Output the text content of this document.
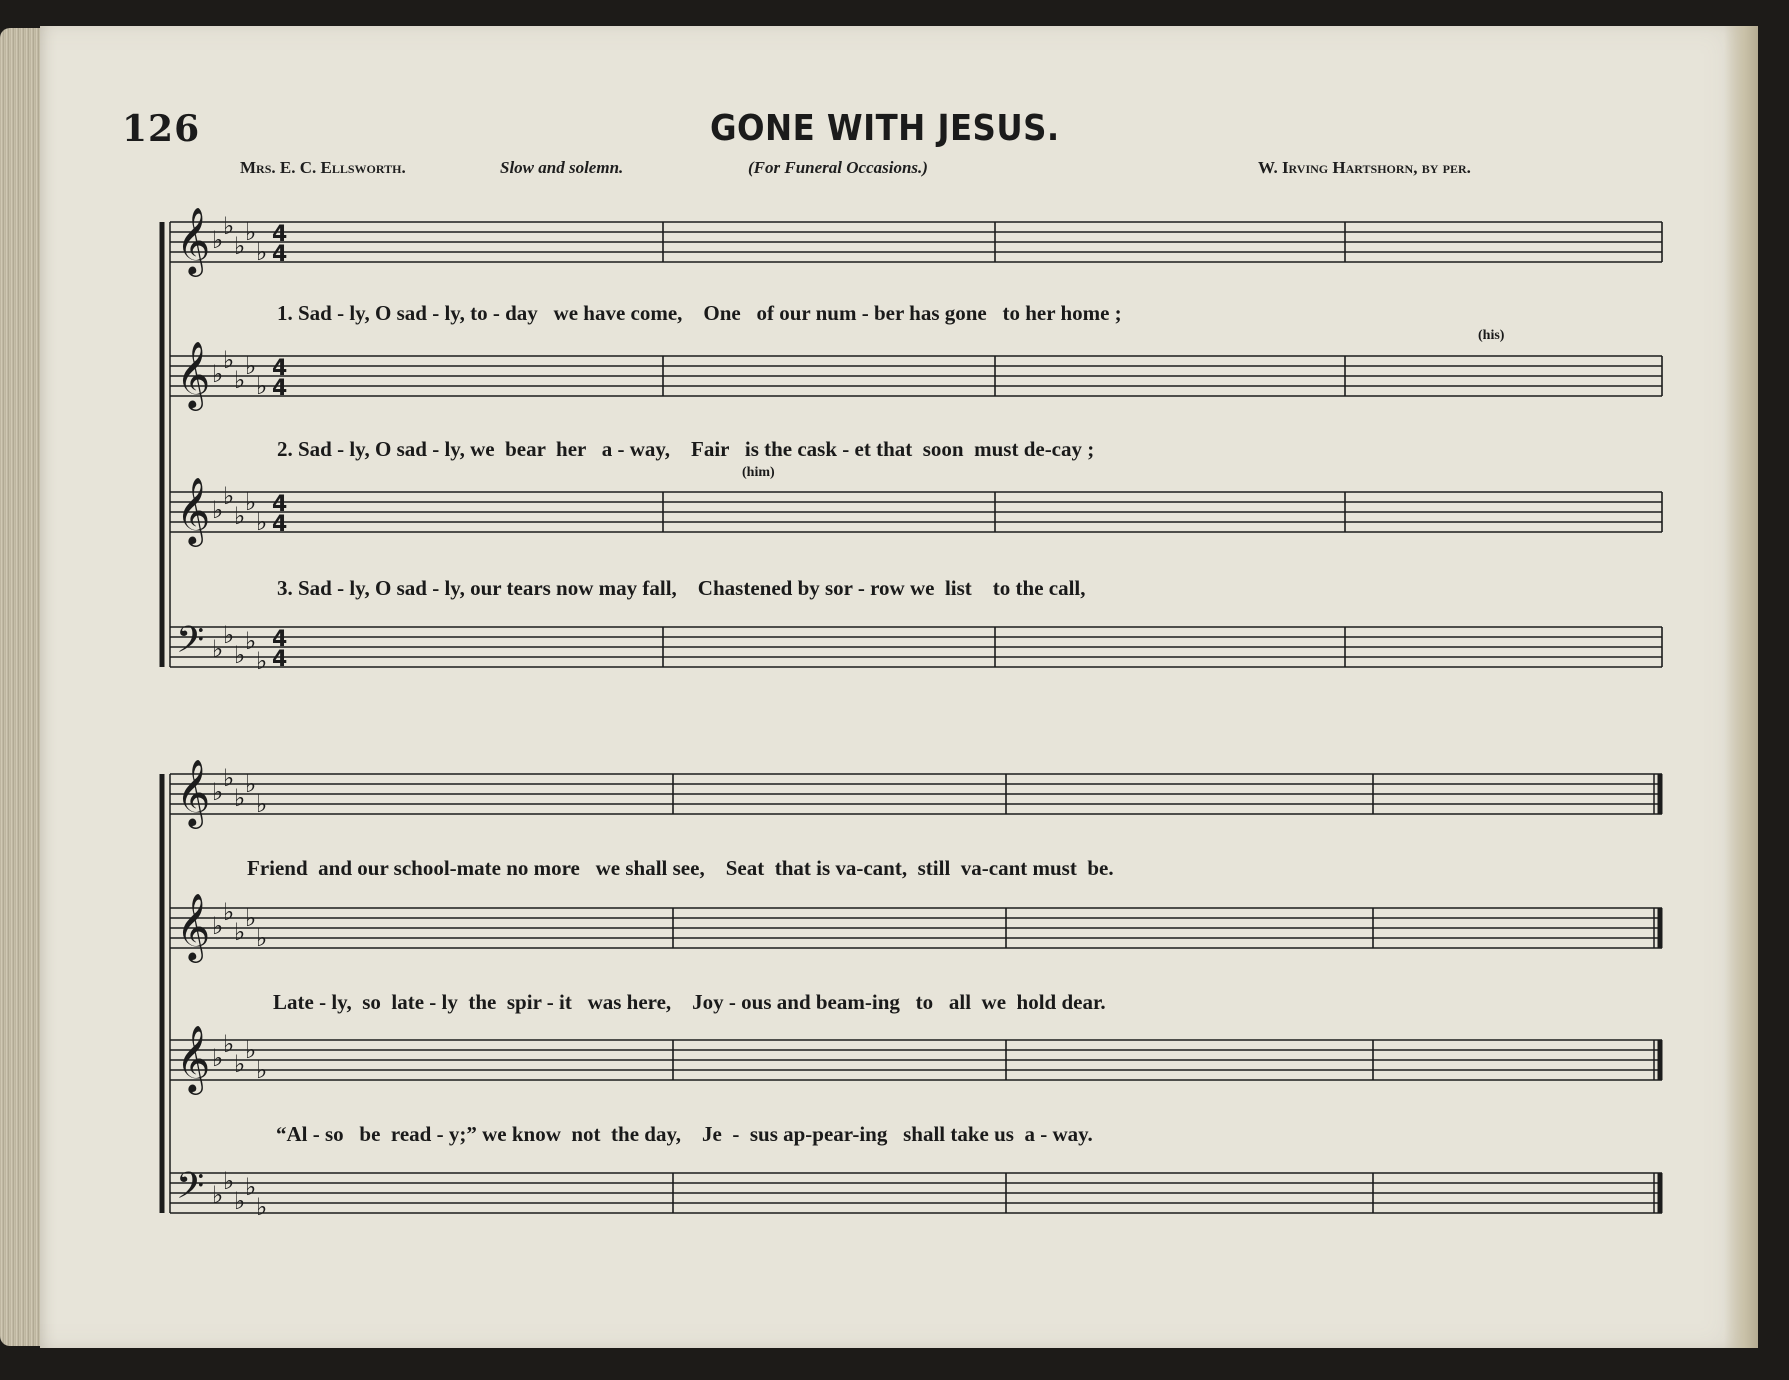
126	GONE WITH JESUS.
Mrs. E. C. Ellsworth.	Slow and solemn.	(For Funeral Occasions.)	W. Irving Hartshorn, by per.
𝄞 ♭ ♭
♭ ♭
♭
4
4
𝄞 ♭ ♭
♭ ♭
♭
4
4
𝄞 ♭ ♭
♭ ♭
♭
4
4
𝄢 ♭ ♭
♭ ♭
♭
4
4
𝄞 ♭ ♭
♭ ♭
♭
𝄞 ♭ ♭
♭ ♭
♭
𝄞 ♭ ♭
♭ ♭
♭
𝄢 ♭ ♭
♭ ♭
♭
1. Sad - ly, O sad - ly, to - day   we have come,    One   of our num - ber has gone   to her home ;
(his)
2. Sad - ly, O sad - ly, we  bear  her   a - way,    Fair   is the cask - et that  soon  must de-cay ;
(him)
3. Sad - ly, O sad - ly, our tears now may fall,    Chastened by sor - row we  list    to the call,
Friend  and our school-mate no more   we shall see,    Seat  that is va-cant,  still  va-cant must  be.
Late - ly,  so  late - ly  the  spir - it   was here,    Joy - ous and beam-ing   to   all  we  hold dear.
“Al - so   be  read - y;” we know  not  the day,    Je  -  sus ap-pear-ing   shall take us  a - way.
